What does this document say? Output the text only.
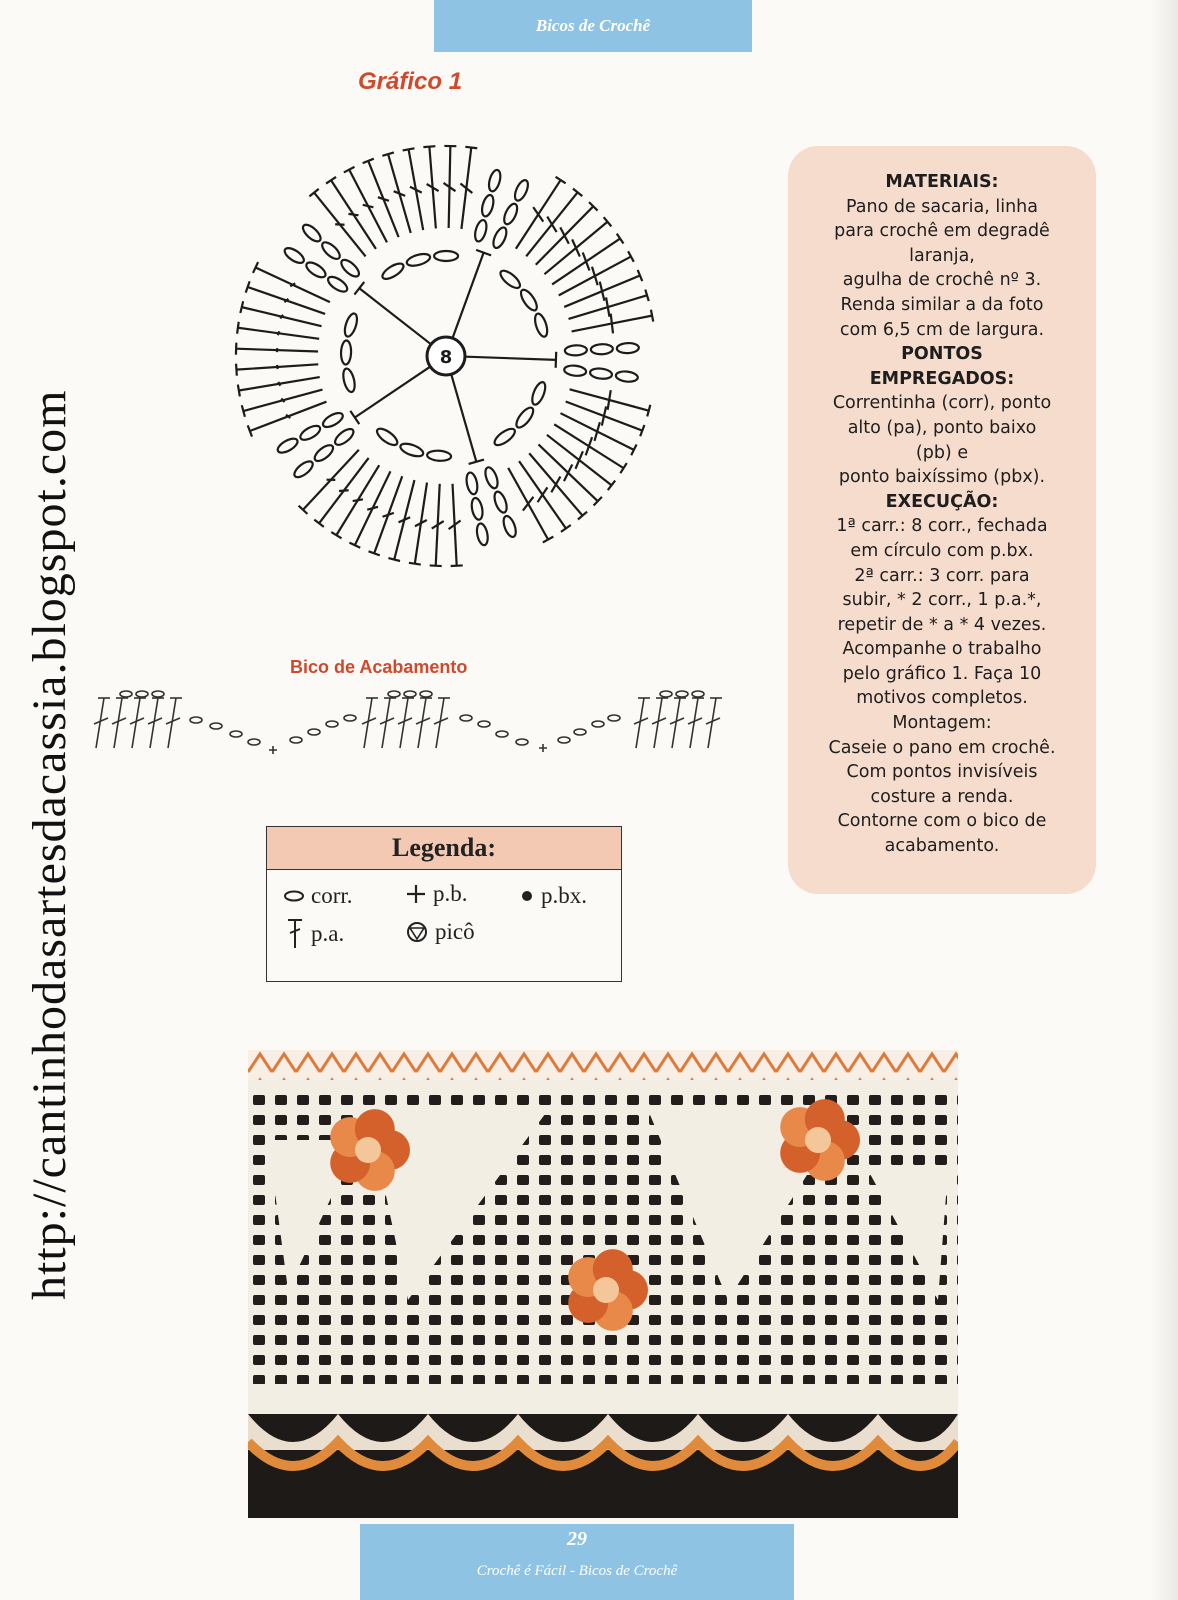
Bicos de Crochê
http://cantinhodasartesdacassia.blogspot.com
Gráfico 1
8
Bico de Acabamento
MATERIAIS:
Pano de sacaria, linha
para crochê em degradê
laranja,
agulha de crochê nº 3.
Renda similar a da foto
com 6,5 cm de largura.
PONTOS
EMPREGADOS:
Correntinha (corr), ponto
alto (pa), ponto baixo
(pb) e
ponto baixíssimo (pbx).
EXECUÇÃO:
1ª carr.: 8 corr., fechada
em círculo com p.bx.
2ª carr.: 3 corr. para
subir, * 2 corr., 1 p.a.*,
repetir de * a * 4 vezes.
Acompanhe o trabalho
pelo gráfico 1. Faça 10
motivos completos.
Montagem:
Caseie o pano em crochê.
Com pontos invisíveis
costure a renda.
Contorne com o bico de
acabamento.
Legenda:
corr.	p.b.	p.bx.
p.a.	picô
29
Crochê é Fácil - Bicos de Crochê
